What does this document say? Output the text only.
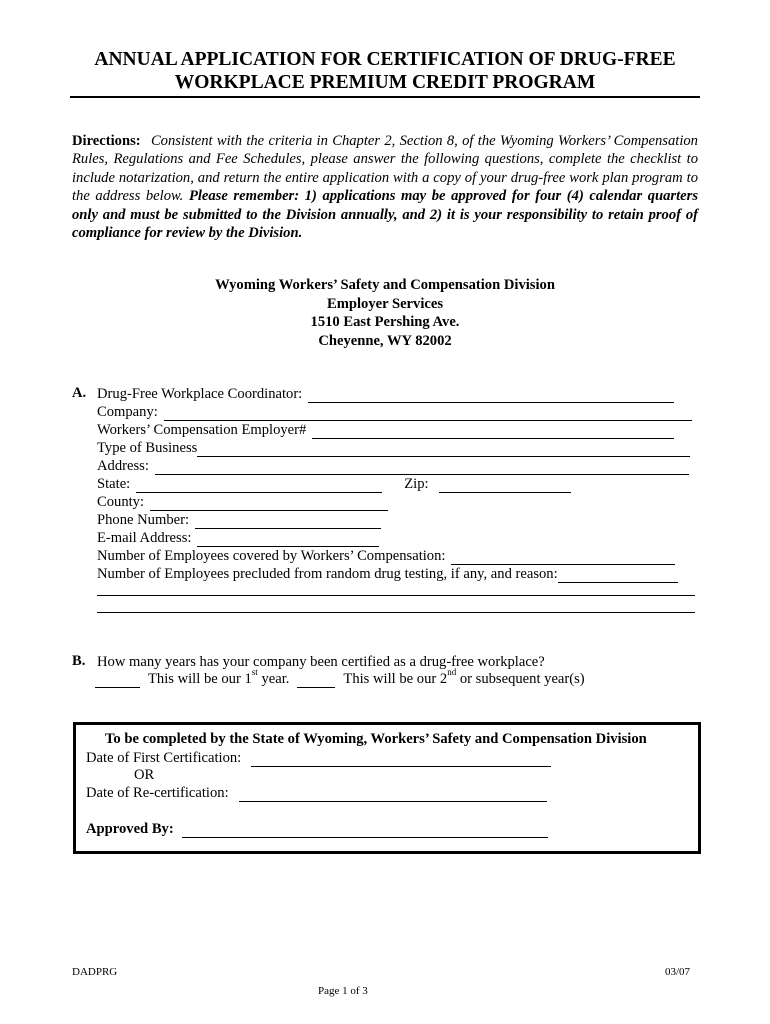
ANNUAL APPLICATION FOR CERTIFICATION OF DRUG-FREE
WORKPLACE PREMIUM CREDIT PROGRAM
Directions: Consistent with the criteria in Chapter 2, Section 8, of the Wyoming Workers’ Compensation Rules, Regulations and Fee Schedules, please answer the following questions, complete the checklist to include notarization, and return the entire application with a copy of your drug-free work plan program to the address below. Please remember: 1) applications may be approved for four (4) calendar quarters only and must be submitted to the Division annually, and 2) it is your responsibility to retain proof of compliance for review by the Division.
Wyoming Workers’ Safety and Compensation Division
Employer Services
1510 East Pershing Ave.
Cheyenne, WY 82002
A. Drug-Free Workplace Coordinator:
Company:
Workers’ Compensation Employer#
Type of Business
Address:
State:	Zip:
County:
Phone Number:
E-mail Address:
Number of Employees covered by Workers’ Compensation:
Number of Employees precluded from random drug testing, if any, and reason:
B. How many years has your company been certified as a drug-free workplace?
This will be our 1st year.	This will be our 2nd or subsequent year(s)
To be completed by the State of Wyoming, Workers’ Safety and Compensation Division
Date of First Certification:
OR
Date of Re-certification:
Approved By:
DADPRG
Page 1 of 3
03/07
